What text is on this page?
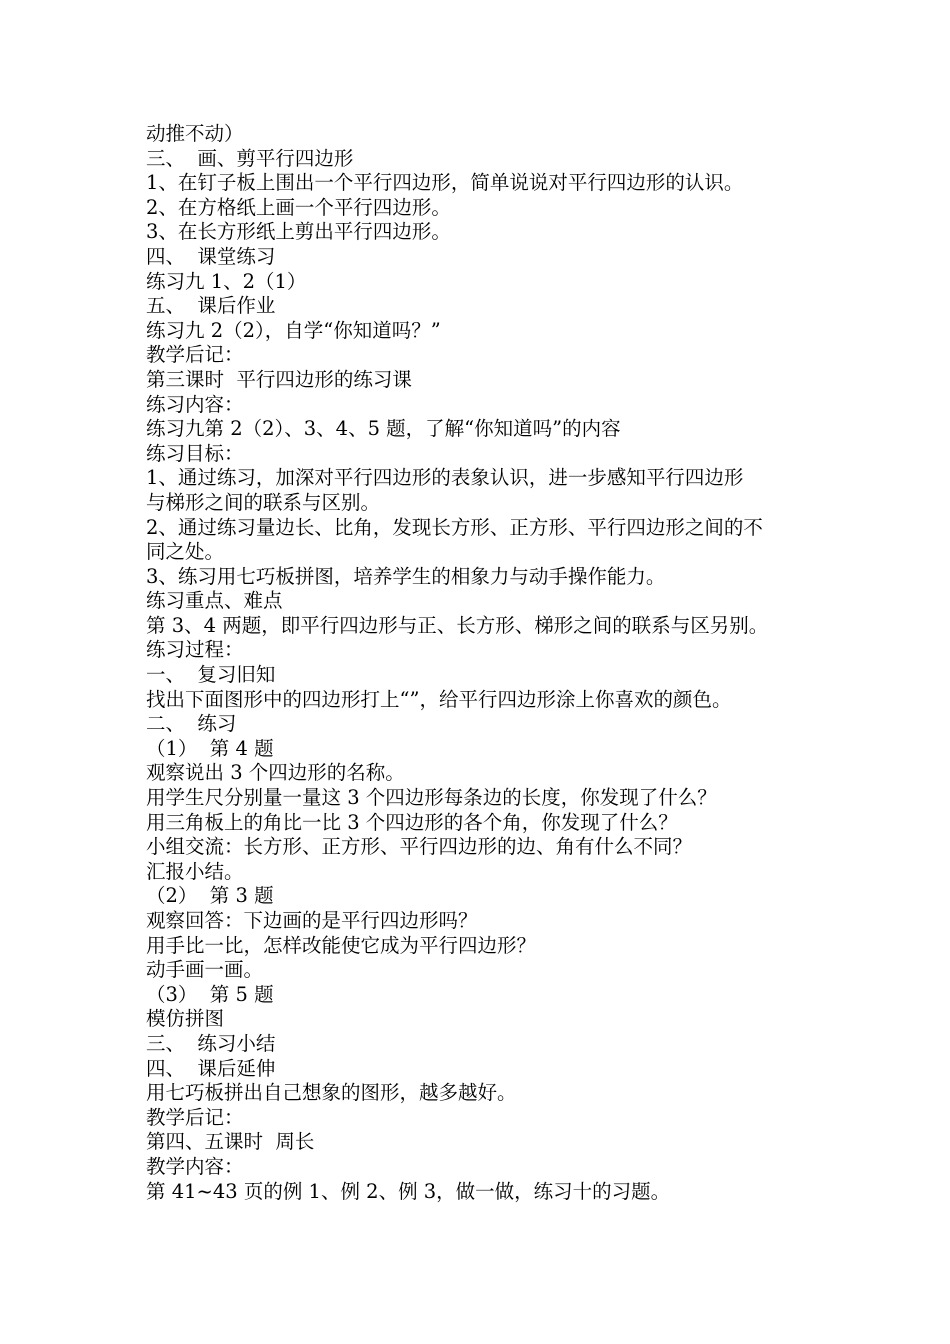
动推不动）
三、  画、剪平行四边形
1、在钉子板上围出一个平行四边形，简单说说对平行四边形的认识。
2、在方格纸上画一个平行四边形。
3、在长方形纸上剪出平行四边形。
四、  课堂练习
练习九 1、2（1）
五、  课后作业
练习九 2（2），自学“你知道吗？”
教学后记：
第三课时  平行四边形的练习课
练习内容：
练习九第 2（2）、3、4、5 题，了解“你知道吗”的内容
练习目标：
1、通过练习，加深对平行四边形的表象认识，进一步感知平行四边形
与梯形之间的联系与区别。
2、通过练习量边长、比角，发现长方形、正方形、平行四边形之间的不
同之处。
3、练习用七巧板拼图，培养学生的相象力与动手操作能力。
练习重点、难点
第 3、4 两题，即平行四边形与正、长方形、梯形之间的联系与区另别。
练习过程：
一、  复习旧知
找出下面图形中的四边形打上“”，给平行四边形涂上你喜欢的颜色。
二、  练习
（1）  第 4 题
观察说出 3 个四边形的名称。
用学生尺分别量一量这 3 个四边形每条边的长度，你发现了什么？
用三角板上的角比一比 3 个四边形的各个角，你发现了什么？
小组交流：长方形、正方形、平行四边形的边、角有什么不同？
汇报小结。
（2）  第 3 题
观察回答：下边画的是平行四边形吗？
用手比一比，怎样改能使它成为平行四边形？
动手画一画。
（3）  第 5 题
模仿拼图
三、  练习小结
四、  课后延伸
用七巧板拼出自己想象的图形，越多越好。
教学后记：
第四、五课时  周长
教学内容：
第 41~43 页的例 1、例 2、例 3，做一做，练习十的习题。
